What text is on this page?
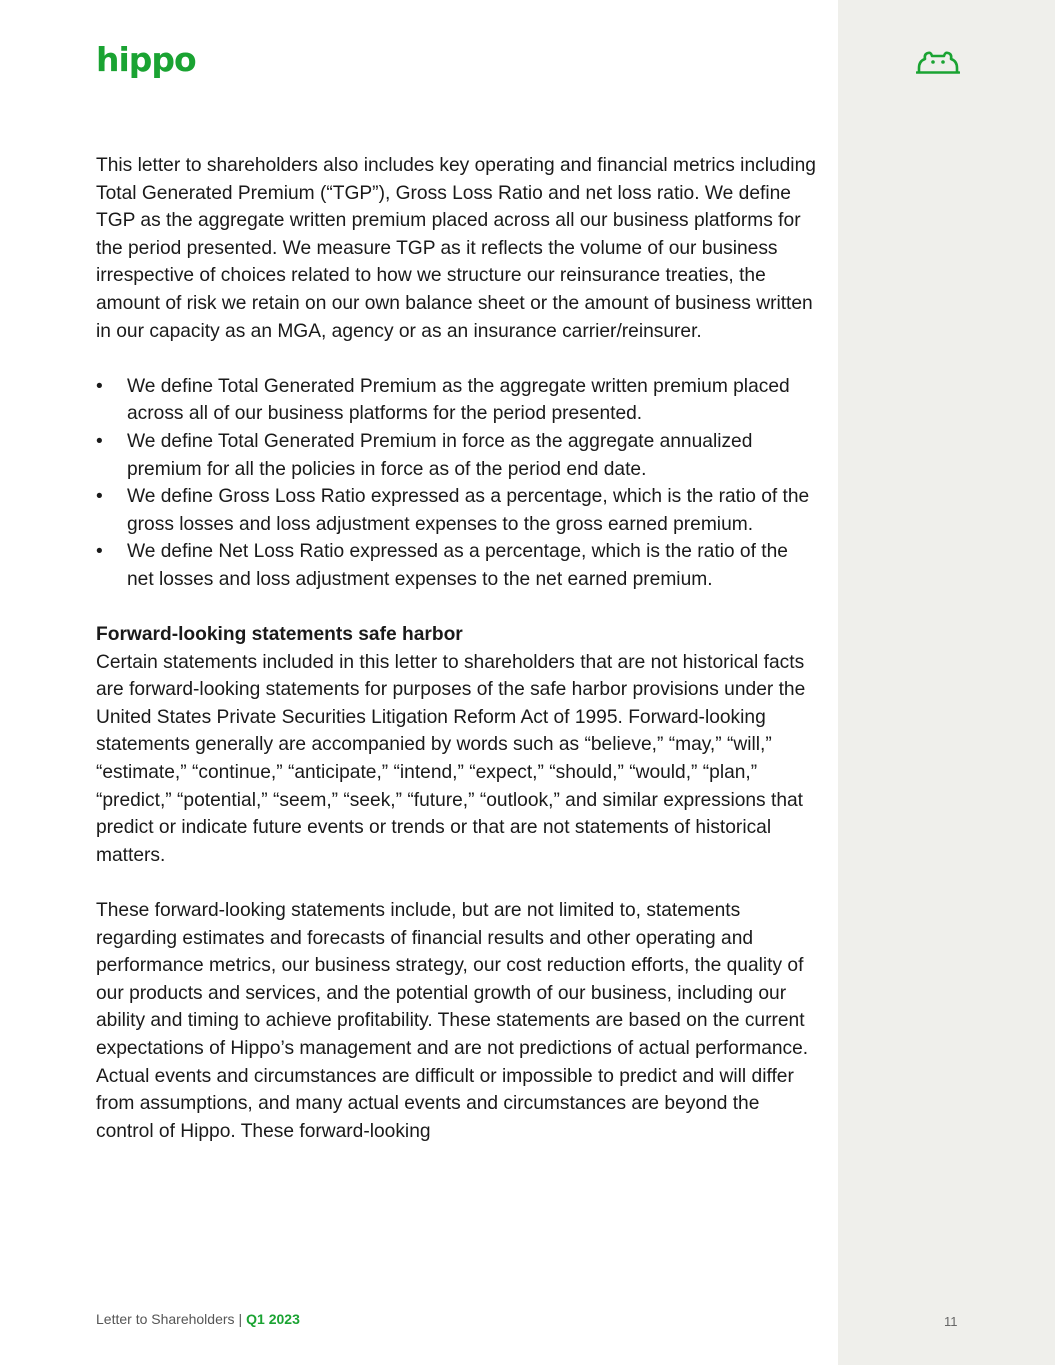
hippo

This letter to shareholders also includes key operating and financial metrics including Total Generated Premium (“TGP”), Gross Loss Ratio and net loss ratio. We define TGP as the aggregate written premium placed across all our business platforms for the period presented. We measure TGP as it reflects the volume of our business irrespective of choices related to how we structure our reinsurance treaties, the amount of risk we retain on our own balance sheet or the amount of business written in our capacity as an MGA, agency or as an insurance carrier/reinsurer.

•	We define Total Generated Premium as the aggregate written premium placed across all of our business platforms for the period presented.
•	We define Total Generated Premium in force as the aggregate annualized premium for all the policies in force as of the period end date.
•	We define Gross Loss Ratio expressed as a percentage, which is the ratio of the gross losses and loss adjustment expenses to the gross earned premium.
•	We define Net Loss Ratio expressed as a percentage, which is the ratio of the net losses and loss adjustment expenses to the net earned premium.

Forward-looking statements safe harbor

Certain statements included in this letter to shareholders that are not historical facts are forward-looking statements for purposes of the safe harbor provisions under the United States Private Securities Litigation Reform Act of 1995. Forward-looking statements generally are accompanied by words such as “believe,” “may,” “will,” “estimate,” “continue,” “anticipate,” “intend,” “expect,” “should,” “would,” “plan,” “predict,” “potential,” “seem,” “seek,” “future,” “outlook,” and similar expressions that predict or indicate future events or trends or that are not statements of historical matters.

These forward-looking statements include, but are not limited to, statements regarding estimates and forecasts of financial results and other operating and performance metrics, our business strategy, our cost reduction efforts, the quality of our products and services, and the potential growth of our business, including our ability and timing to achieve profitability. These statements are based on the current expectations of Hippo’s management and are not predictions of actual performance. Actual events and circumstances are difficult or impossible to predict and will differ from assumptions, and many actual events and circumstances are beyond the control of Hippo. These forward-looking

Letter to Shareholders | Q1 2023	11
